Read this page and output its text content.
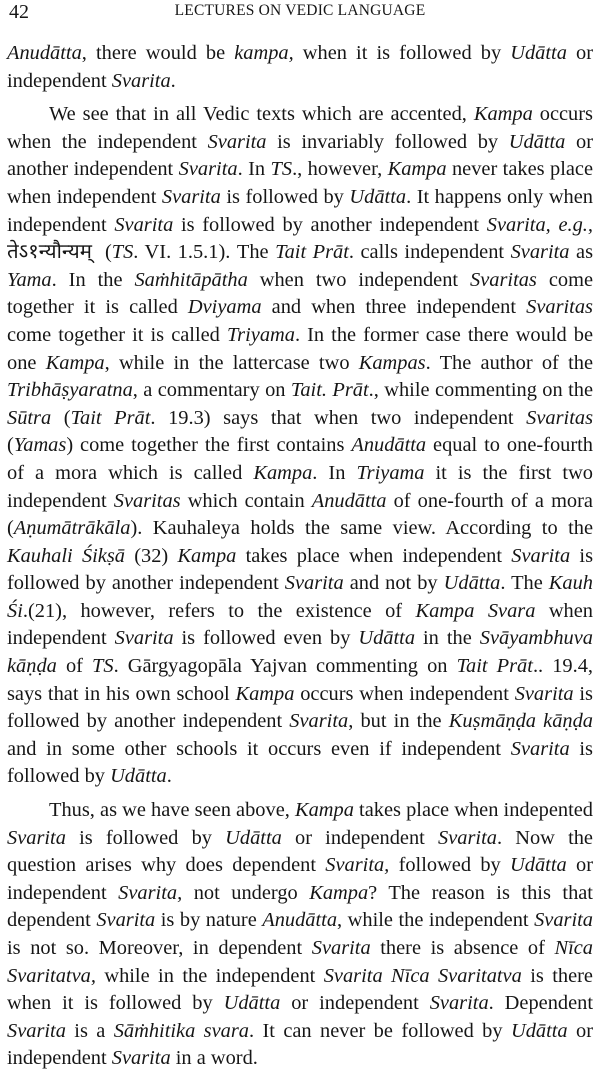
42	LECTURES ON VEDIC LANGUAGE

Anudātta, there would be kampa, when it is followed by Udātta or independent Svarita.

We see that in all Vedic texts which are accented, Kampa occurs when the independent Svarita is invariably followed by Udātta or another independent Svarita. In TS., however, Kampa never takes place when independent Svarita is followed by Udātta. It happens only when independent Svarita is followed by another independent Svarita, e.g., तेऽ१न्यौन्यम्  (TS. VI. 1.5.1). The Tait Prāt. calls independent Svarita as Yama. In the Saṁhitāpātha when two independent Svaritas come together it is called Dviyama and when three independent Svaritas come together it is called Triyama. In the former case there would be one Kampa, while in the lattercase two Kampas. The author of the Tribhāṣyaratna, a commentary on Tait. Prāt., while commenting on the Sūtra (Tait Prāt. 19.3) says that when two independent Svaritas (Yamas) come together the first contains Anudātta equal to one-fourth of a mora which is called Kampa. In Triyama it is the first two independent Svaritas which contain Anudātta of one-fourth of a mora (Aṇumātrākāla). Kauhaleya holds the same view. According to the Kauhali Śikṣā (32) Kampa takes place when independent Svarita is followed by another independent Svarita and not by Udātta. The Kauh Śi.(21), however, refers to the existence of Kampa Svara when independent Svarita is followed even by Udātta in the Svāyambhuva kāṇḍa of TS. Gārgyagopāla Yajvan commenting on Tait Prāt.. 19.4, says that in his own school Kampa occurs when independent Svarita is followed by another independent Svarita, but in the Kuṣmāṇḍa kāṇḍa and in some other schools it occurs even if independent Svarita is followed by Udātta.

Thus, as we have seen above, Kampa takes place when indepented Svarita is followed by Udātta or independent Svarita. Now the question arises why does dependent Svarita, followed by Udātta or independent Svarita, not undergo Kampa? The reason is this that dependent Svarita is by nature Anudātta, while the independent Svarita is not so. Moreover, in dependent Svarita there is absence of Nīca Svaritatva, while in the independent Svarita Nīca Svaritatva is there when it is followed by Udātta or independent Svarita. Dependent Svarita is a Sāṁhitika svara. It can never be followed by Udātta or independent Svarita in a word.
